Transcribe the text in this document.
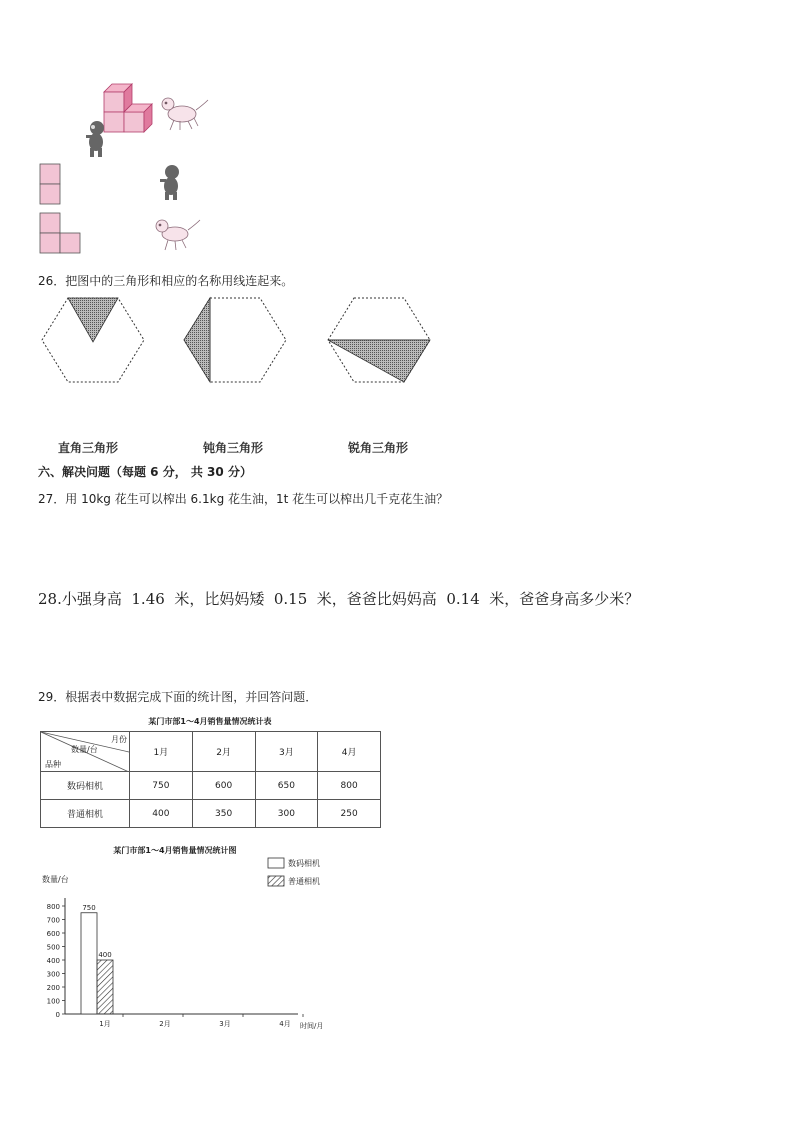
26．把图中的三角形和相应的名称用线连起来。
直角三角形	钝角三角形	锐角三角形
六、解决问题（每题 6 分， 共 30 分）
27．用 10kg 花生可以榨出 6.1kg 花生油，1t 花生可以榨出几千克花生油？
28.小强身高  1.46  米，比妈妈矮  0.15  米，爸爸比妈妈高  0.14  米，爸爸身高多少米？
29．根据表中数据完成下面的统计图，并回答问题．
某门市部1～4月销售量情况统计表
月份
数量/台
品种	1月	2月	3月	4月
数码相机	750	600	650	800
普通相机	400	350	300	250
某门市部1～4月销售量情况统计图
数量/台
时间/月
0
100
200
300
400
500
600
700
800
1月
750
400
2月	3月	4月
数码相机
普通相机
